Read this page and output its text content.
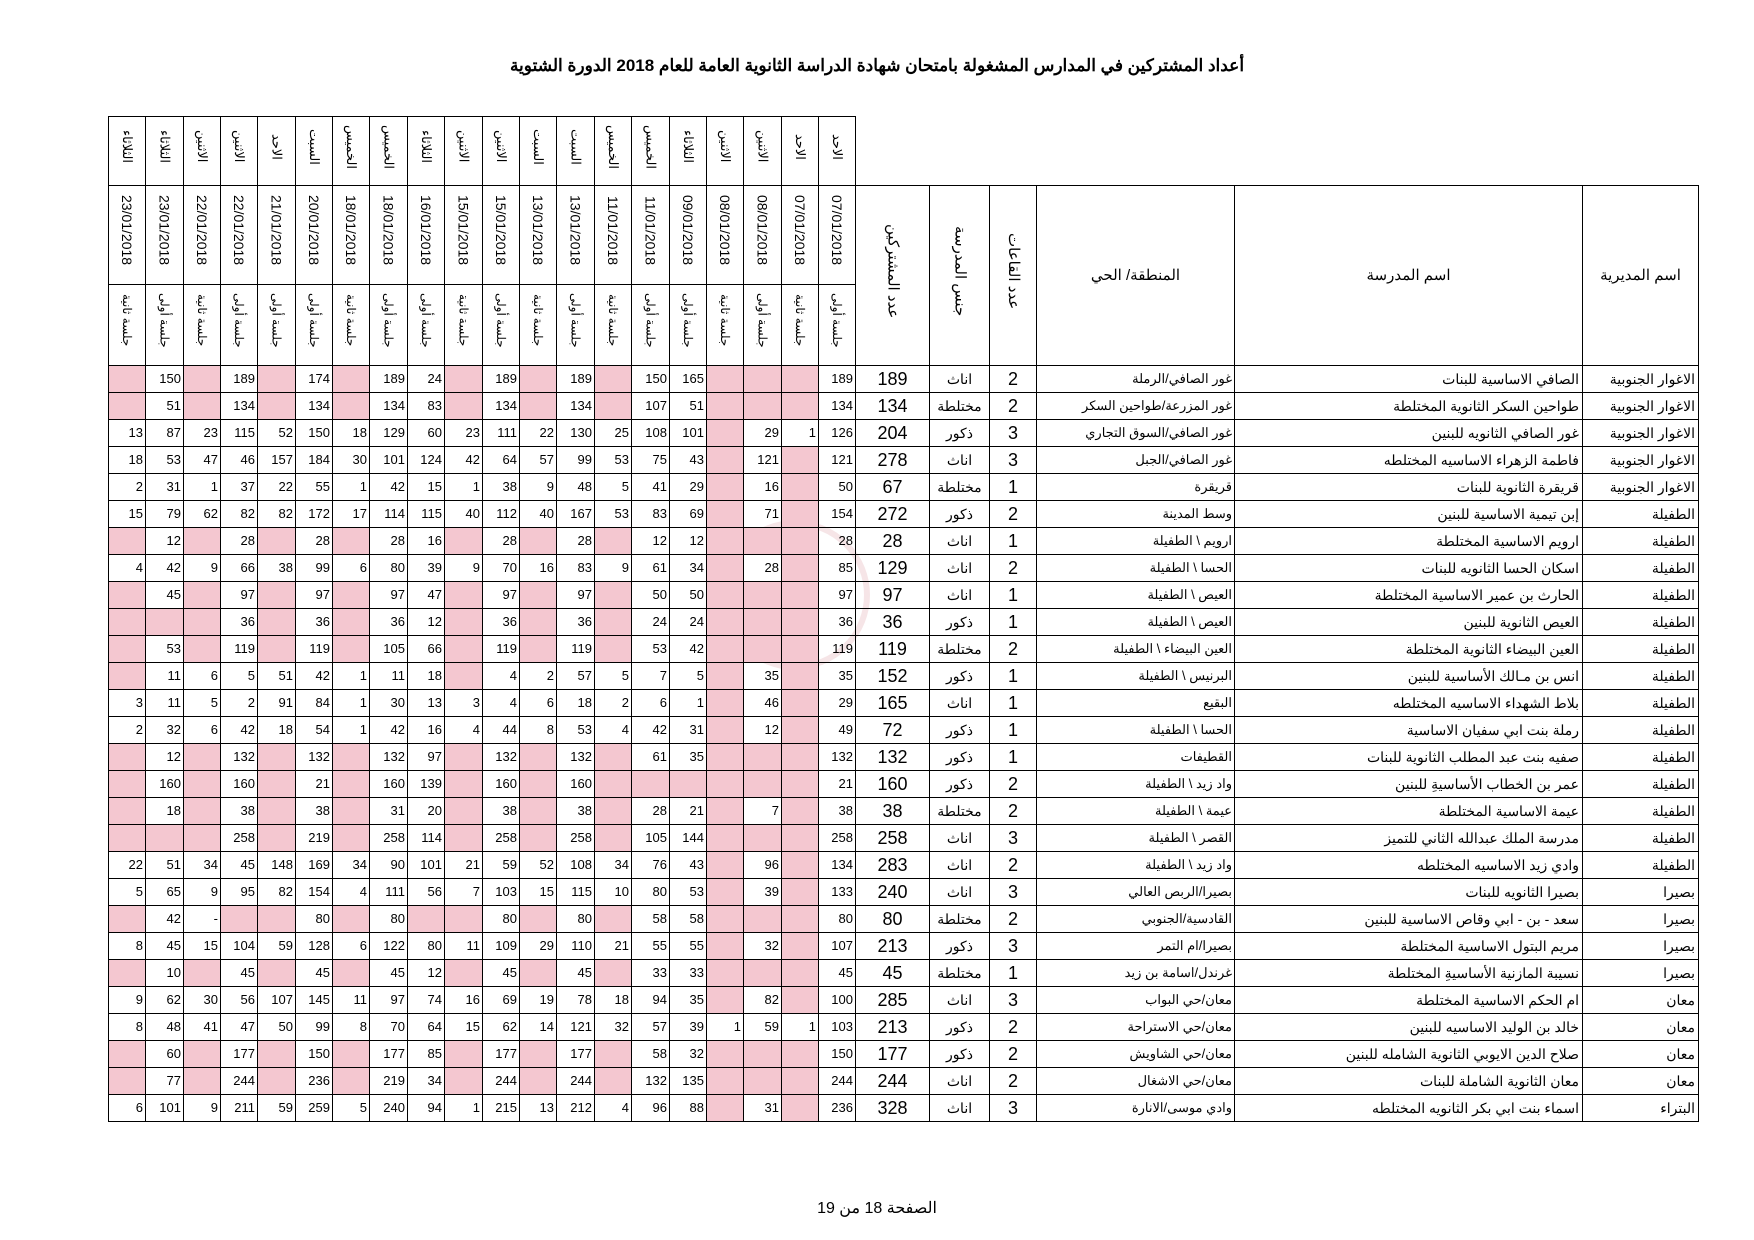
أعداد المشتركين في المدارس المشغولة بامتحان شهادة الدراسة الثانوية العامة للعام 2018 الدورة الشتوية
الثلاثاء	الثلاثاء	الاثنين	الاثنين	الاحد	السبت	الخميس	الخميس	الثلاثاء	الاثنين	الاثنين	السبت	السبت	الخميس	الخميس	الثلاثاء	الاثنين	الاثنين	الاحد	الاحد						
23/01/2018	23/01/2018	22/01/2018	22/01/2018	21/01/2018	20/01/2018	18/01/2018	18/01/2018	16/01/2018	15/01/2018	15/01/2018	13/01/2018	13/01/2018	11/01/2018	11/01/2018	09/01/2018	08/01/2018	08/01/2018	07/01/2018	07/01/2018	عدد المشتركين	جنس المدرسة	عدد القاعات	المنطقة/ الحي	اسم المدرسة	اسم المديرية
جلسة ثانية	جلسة أولى	جلسة ثانية	جلسة أولى	جلسة أولى	جلسة أولى	جلسة ثانية	جلسة أولى	جلسة أولى	جلسة ثانية	جلسة أولى	جلسة ثانية	جلسة أولى	جلسة ثانية	جلسة أولى	جلسة أولى	جلسة ثانية	جلسة أولى	جلسة ثانية	جلسة أولى						
	150		189		174		189	24		189		189		150	165				189	189	اناث	2	غور الصافي/الرملة	الصافي الاساسية للبنات	الاغوار الجنوبية
	51		134		134		134	83		134		134		107	51				134	134	مختلطة	2	غور المزرعة/طواحين السكر	طواحين السكر الثانوية المختلطة	الاغوار الجنوبية
13	87	23	115	52	150	18	129	60	23	111	22	130	25	108	101		29	1	126	204	ذكور	3	غور الصافي/السوق التجاري	غور الصافي الثانويه للبنين	الاغوار الجنوبية
18	53	47	46	157	184	30	101	124	42	64	57	99	53	75	43		121		121	278	اناث	3	غور الصافي/الجبل	فاطمة الزهراء الاساسيه المختلطه	الاغوار الجنوبية
2	31	1	37	22	55	1	42	15	1	38	9	48	5	41	29		16		50	67	مختلطة	1	قريقرة	قريقرة الثانوية للبنات	الاغوار الجنوبية
15	79	62	82	82	172	17	114	115	40	112	40	167	53	83	69		71		154	272	ذكور	2	وسط المدينة	إبن تيمية الاساسية للبنين	الطفيلة
	12		28		28		28	16		28		28		12	12				28	28	اناث	1	ارويم \ الطفيلة	ارويم الاساسية المختلطة	الطفيلة
4	42	9	66	38	99	6	80	39	9	70	16	83	9	61	34		28		85	129	اناث	2	الحسا \ الطفيلة	اسكان الحسا الثانويه للبنات	الطفيلة
	45		97		97		97	47		97		97		50	50				97	97	اناث	1	العيص \ الطفيلة	الحارث بن عمير الاساسية المختلطة	الطفيلة
			36		36		36	12		36		36		24	24				36	36	ذكور	1	العيص \ الطفيلة	العيص الثانوية للبنين	الطفيلة
	53		119		119		105	66		119		119		53	42				119	119	مختلطة	2	العين البيضاء \ الطفيلة	العين البيضاء الثانوية المختلطة	الطفيلة
	11	6	5	51	42	1	11	18		4	2	57	5	7	5		35		35	152	ذكور	1	البرنيس \ الطفيلة	انس بن مـالك الأساسية للبنين	الطفيلة
3	11	5	2	91	84	1	30	13	3	4	6	18	2	6	1		46		29	165	اناث	1	البقيع	بلاط الشهداء الاساسيه المختلطه	الطفيلة
2	32	6	42	18	54	1	42	16	4	44	8	53	4	42	31		12		49	72	ذكور	1	الحسا \ الطفيلة	رملة بنت ابي سفيان الاساسية	الطفيلة
	12		132		132		132	97		132		132		61	35				132	132	ذكور	1	القطيفات	صفيه بنت عبد المطلب الثانوية للبنات	الطفيلة
	160		160		21		160	139		160		160							21	160	ذكور	2	واد زيد \ الطفيلة	عمر بن الخطاب الأساسيةِ للبنين	الطفيلة
	18		38		38		31	20		38		38		28	21		7		38	38	مختلطة	2	عيمة \ الطفيلة	عيمة الاساسية المختلطة	الطفيلة
			258		219		258	114		258		258		105	144				258	258	اناث	3	القصر \ الطفيلة	مدرسة الملك عبدالله الثاني للتميز	الطفيلة
22	51	34	45	148	169	34	90	101	21	59	52	108	34	76	43		96		134	283	اناث	2	واد زيد \ الطفيلة	وادي زيد الاساسيه المختلطه	الطفيلة
5	65	9	95	82	154	4	111	56	7	103	15	115	10	80	53		39		133	240	اناث	3	بصيرا/الربص العالي	بصيرا الثانويه للبنات	بصيرا
	42	-			80		80			80		80		58	58				80	80	مختلطة	2	القادسية/الجنوبي	سعد - بن - ابي وقاص الاساسية للبنين	بصيرا
8	45	15	104	59	128	6	122	80	11	109	29	110	21	55	55		32		107	213	ذكور	3	بصيرا/ام التمر	مريم البتول الاساسية المختلطة	بصيرا
	10		45		45		45	12		45		45		33	33				45	45	مختلطة	1	غرندل/اسامة بن زيد	نسيبة المازنية الأساسيةِ المختلطة	بصيرا
9	62	30	56	107	145	11	97	74	16	69	19	78	18	94	35		82		100	285	اناث	3	معان/حي البواب	ام الحكم الاساسية المختلطة	معان
8	48	41	47	50	99	8	70	64	15	62	14	121	32	57	39	1	59	1	103	213	ذكور	2	معان/حي الاستراحة	خالد بن الوليد الاساسيه للبنين	معان
	60		177		150		177	85		177		177		58	32				150	177	ذكور	2	معان/حي الشاويش	صلاح الدين الايوبي الثانوية الشامله للبنين	معان
	77		244		236		219	34		244		244		132	135				244	244	اناث	2	معان/حي الاشغال	معان الثانوية الشاملة للبنات	معان
6	101	9	211	59	259	5	240	94	1	215	13	212	4	96	88		31		236	328	اناث	3	وادي موسى/الانارة	اسماء بنت ابي بكر الثانويه المختلطه	البتراء
الصفحة 18 من 19
